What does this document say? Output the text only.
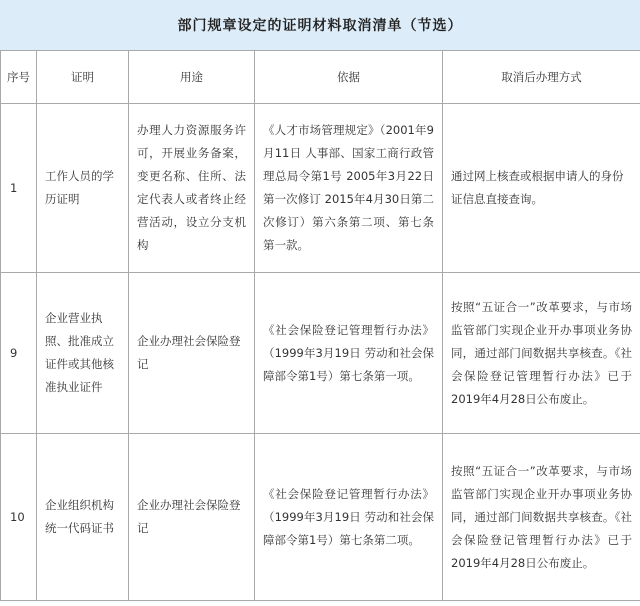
部门规章设定的证明材料取消清单（节选）
序号	证明	用途	依据	取消后办理方式
1	工作人员的学历证明	办理人力资源服务许可，开展业务备案，变更名称、住所、法定代表人或者终止经营活动，设立分支机构	《人才市场管理规定》（2001年9月11日 人事部、国家工商行政管理总局令第1号 2005年3月22日第一次修订 2015年4月30日第二次修订）第六条第二项、第七条第一款。	通过网上核查或根据申请人的身份证信息直接查询。
9	企业营业执照、批准成立证件或其他核准执业证件	企业办理社会保险登记	《社会保险登记管理暂行办法》（1999年3月19日 劳动和社会保障部令第1号）第七条第一项。	按照“五证合一”改革要求，与市场监管部门实现企业开办事项业务协同，通过部门间数据共享核查。《社会保险登记管理暂行办法》已于2019年4月28日公布废止。
10	企业组织机构统一代码证书	企业办理社会保险登记	《社会保险登记管理暂行办法》（1999年3月19日 劳动和社会保障部令第1号）第七条第二项。	按照“五证合一”改革要求，与市场监管部门实现企业开办事项业务协同，通过部门间数据共享核查。《社会保险登记管理暂行办法》已于2019年4月28日公布废止。
